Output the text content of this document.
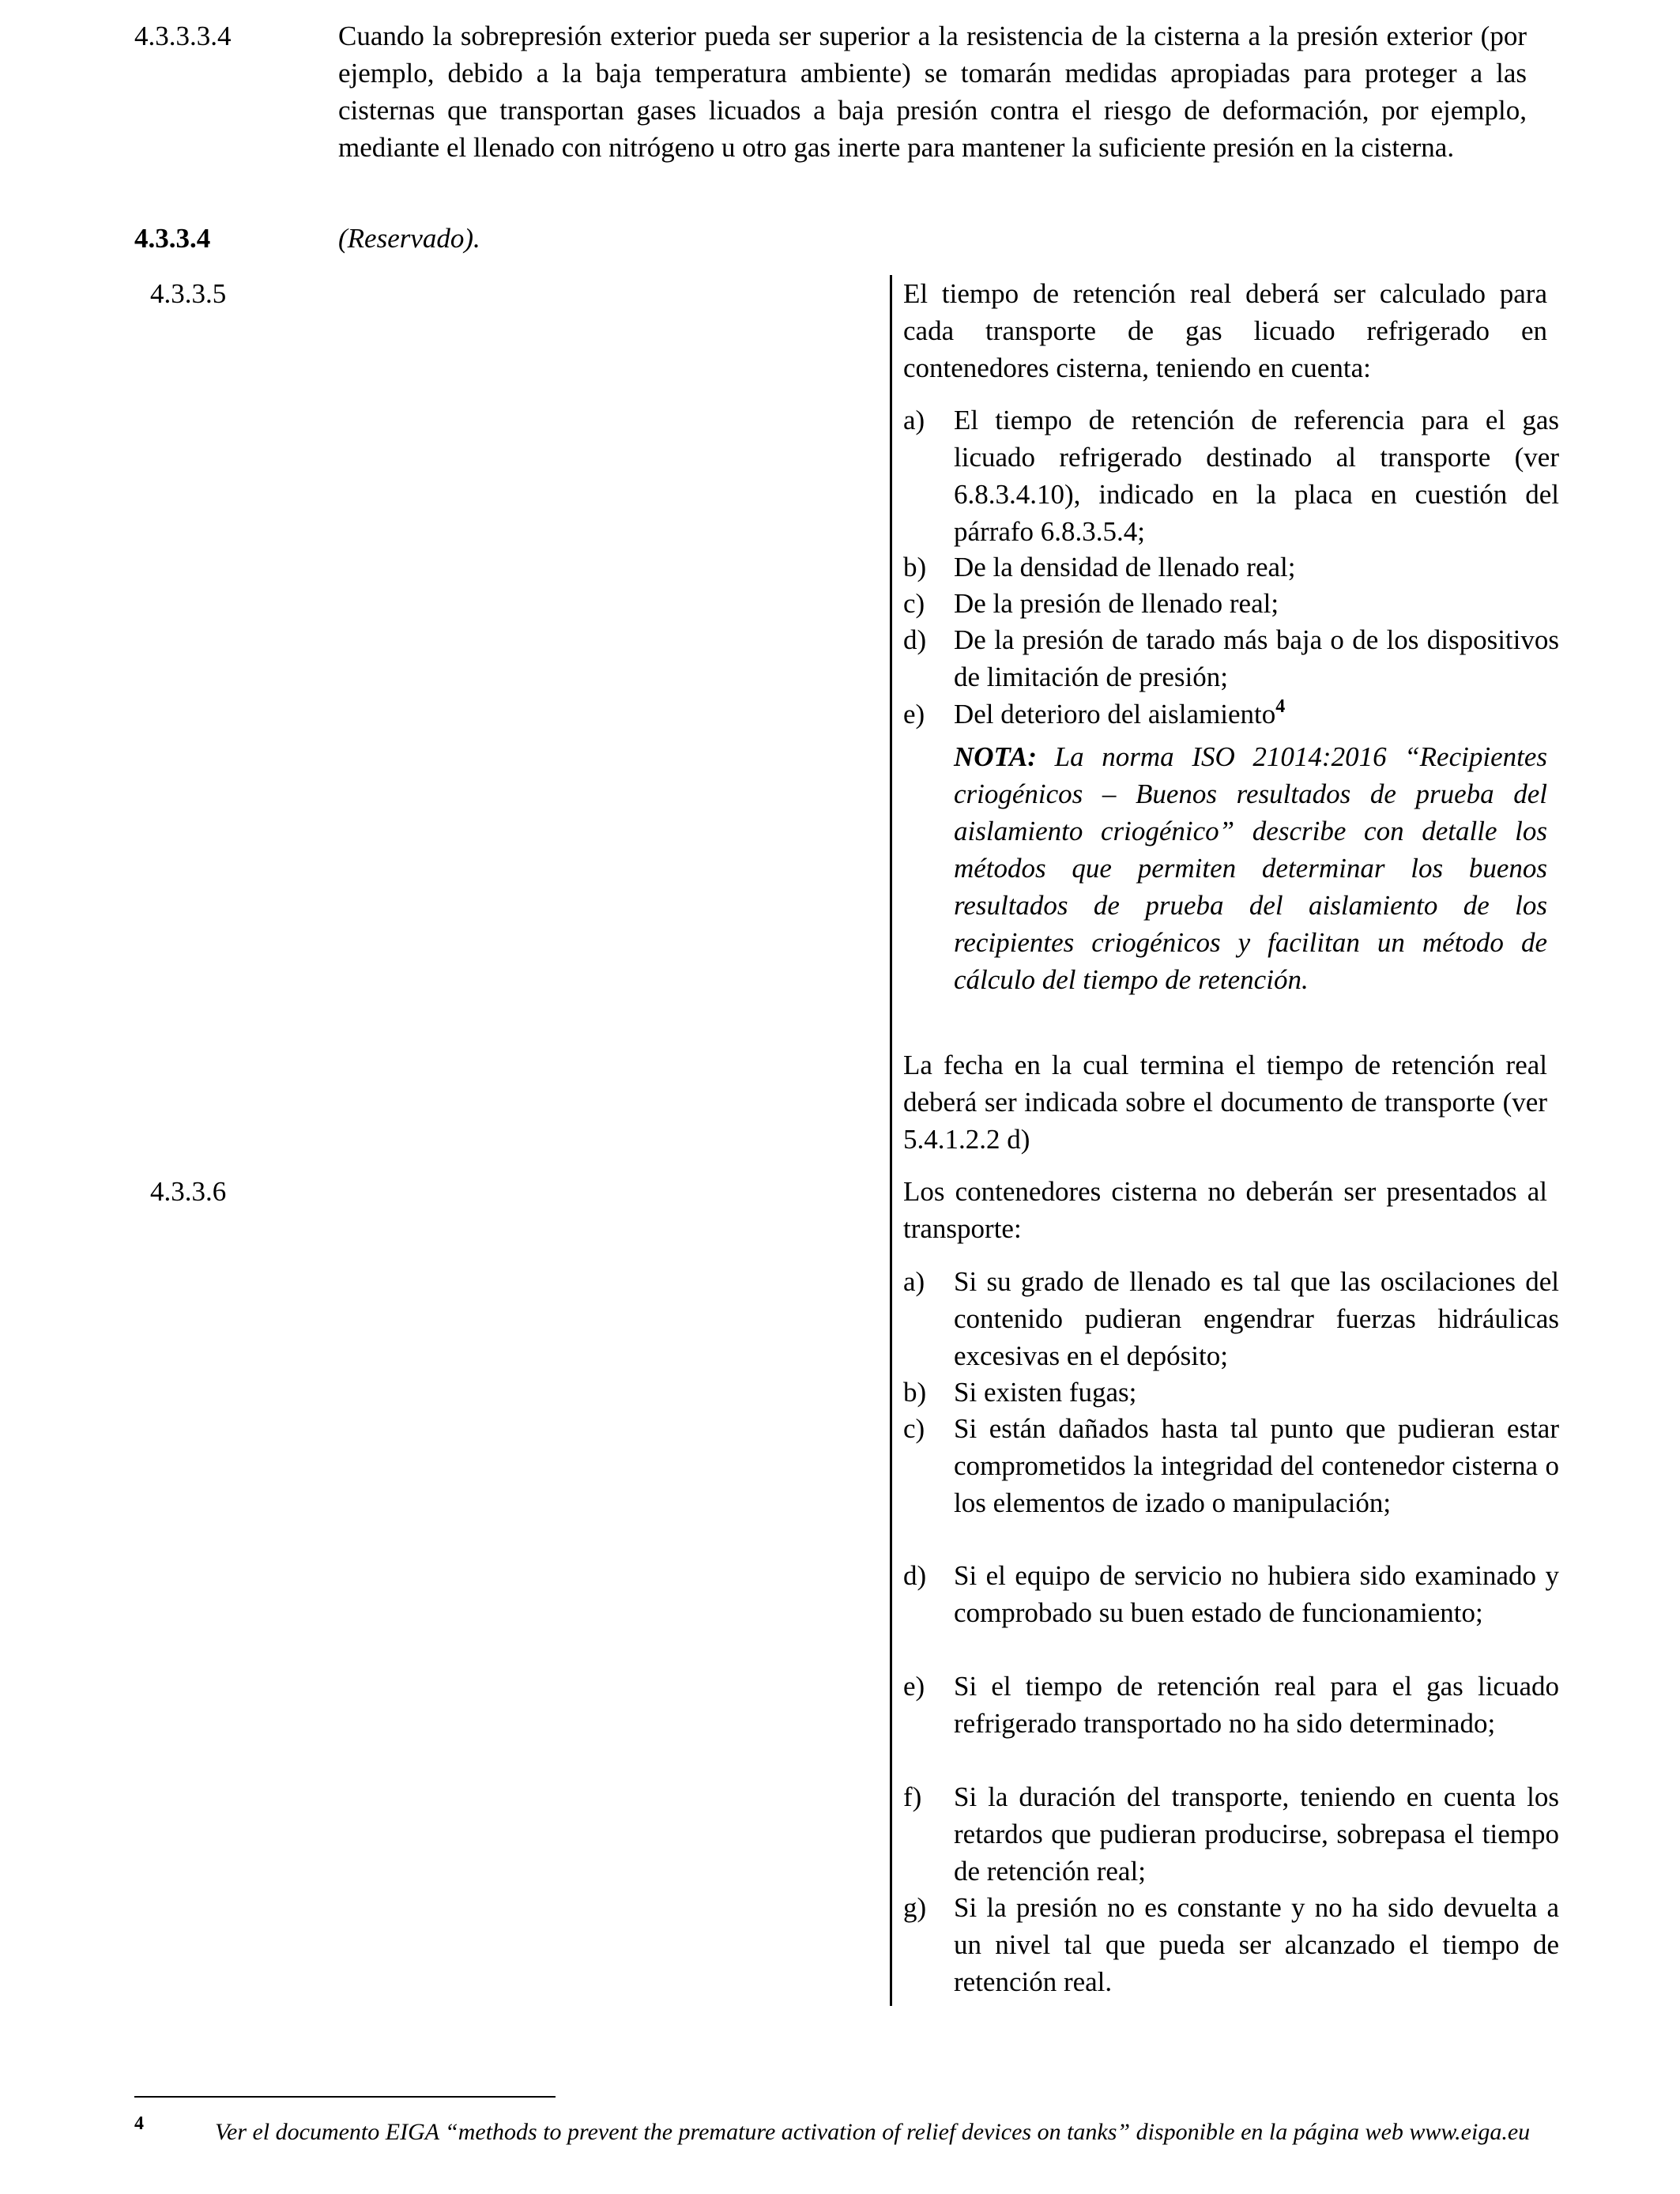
4.3.3.3.4	Cuando la sobrepresión exterior pueda ser superior a la resistencia de la cisterna a la presión exterior (por ejemplo, debido a la baja temperatura ambiente) se tomarán medidas apropiadas para proteger a las cisternas que transportan gases licuados a baja presión contra el riesgo de deformación, por ejemplo, mediante el llenado con nitrógeno u otro gas inerte para mantener la suficiente presión en la cisterna.
4.3.3.4	(Reservado).
4.3.3.5	El tiempo de retención real deberá ser calculado para cada transporte de gas licuado refrigerado en contenedores cisterna, teniendo en cuenta:
a)	El tiempo de retención de referencia para el gas licuado refrigerado destinado al transporte (ver 6.8.3.4.10), indicado en la placa en cuestión del párrafo 6.8.3.5.4;
b) De la densidad de llenado real;
c)	De la presión de llenado real;
d) De la presión de tarado más baja o de los dispositivos de limitación de presión;
e)	Del deterioro del aislamiento$^4$
NOTA: La norma ISO 21014:2016 “Recipientes criogénicos – Buenos resultados de prueba del aislamiento criogénico” describe con detalle los métodos que permiten determinar los buenos resultados de prueba del aislamiento de los recipientes criogénicos y facilitan un método de cálculo del tiempo de retención.
La fecha en la cual termina el tiempo de retención real deberá ser indicada sobre el documento de transporte (ver 5.4.1.2.2 d)
4.3.3.6	Los contenedores cisterna no deberán ser presentados al transporte:
a)	Si su grado de llenado es tal que las oscilaciones del contenido pudieran engendrar fuerzas hidráulicas excesivas en el depósito;
b) Si existen fugas;
c)	Si están dañados hasta tal punto que pudieran estar comprometidos la integridad del contenedor cisterna o los elementos de izado o manipulación;
d) Si el equipo de servicio no hubiera sido examinado y comprobado su buen estado de funcionamiento;
e)	Si el tiempo de retención real para el gas licuado refrigerado transportado no ha sido determinado;
f)	Si la duración del transporte, teniendo en cuenta los retardos que pudieran producirse, sobrepasa el tiempo de retención real;
g) Si la presión no es constante y no ha sido devuelta a un nivel tal que pueda ser alcanzado el tiempo de retención real.
4	Ver el documento EIGA “methods to prevent the premature activation of relief devices on tanks” disponible en la página web www.eiga.eu
